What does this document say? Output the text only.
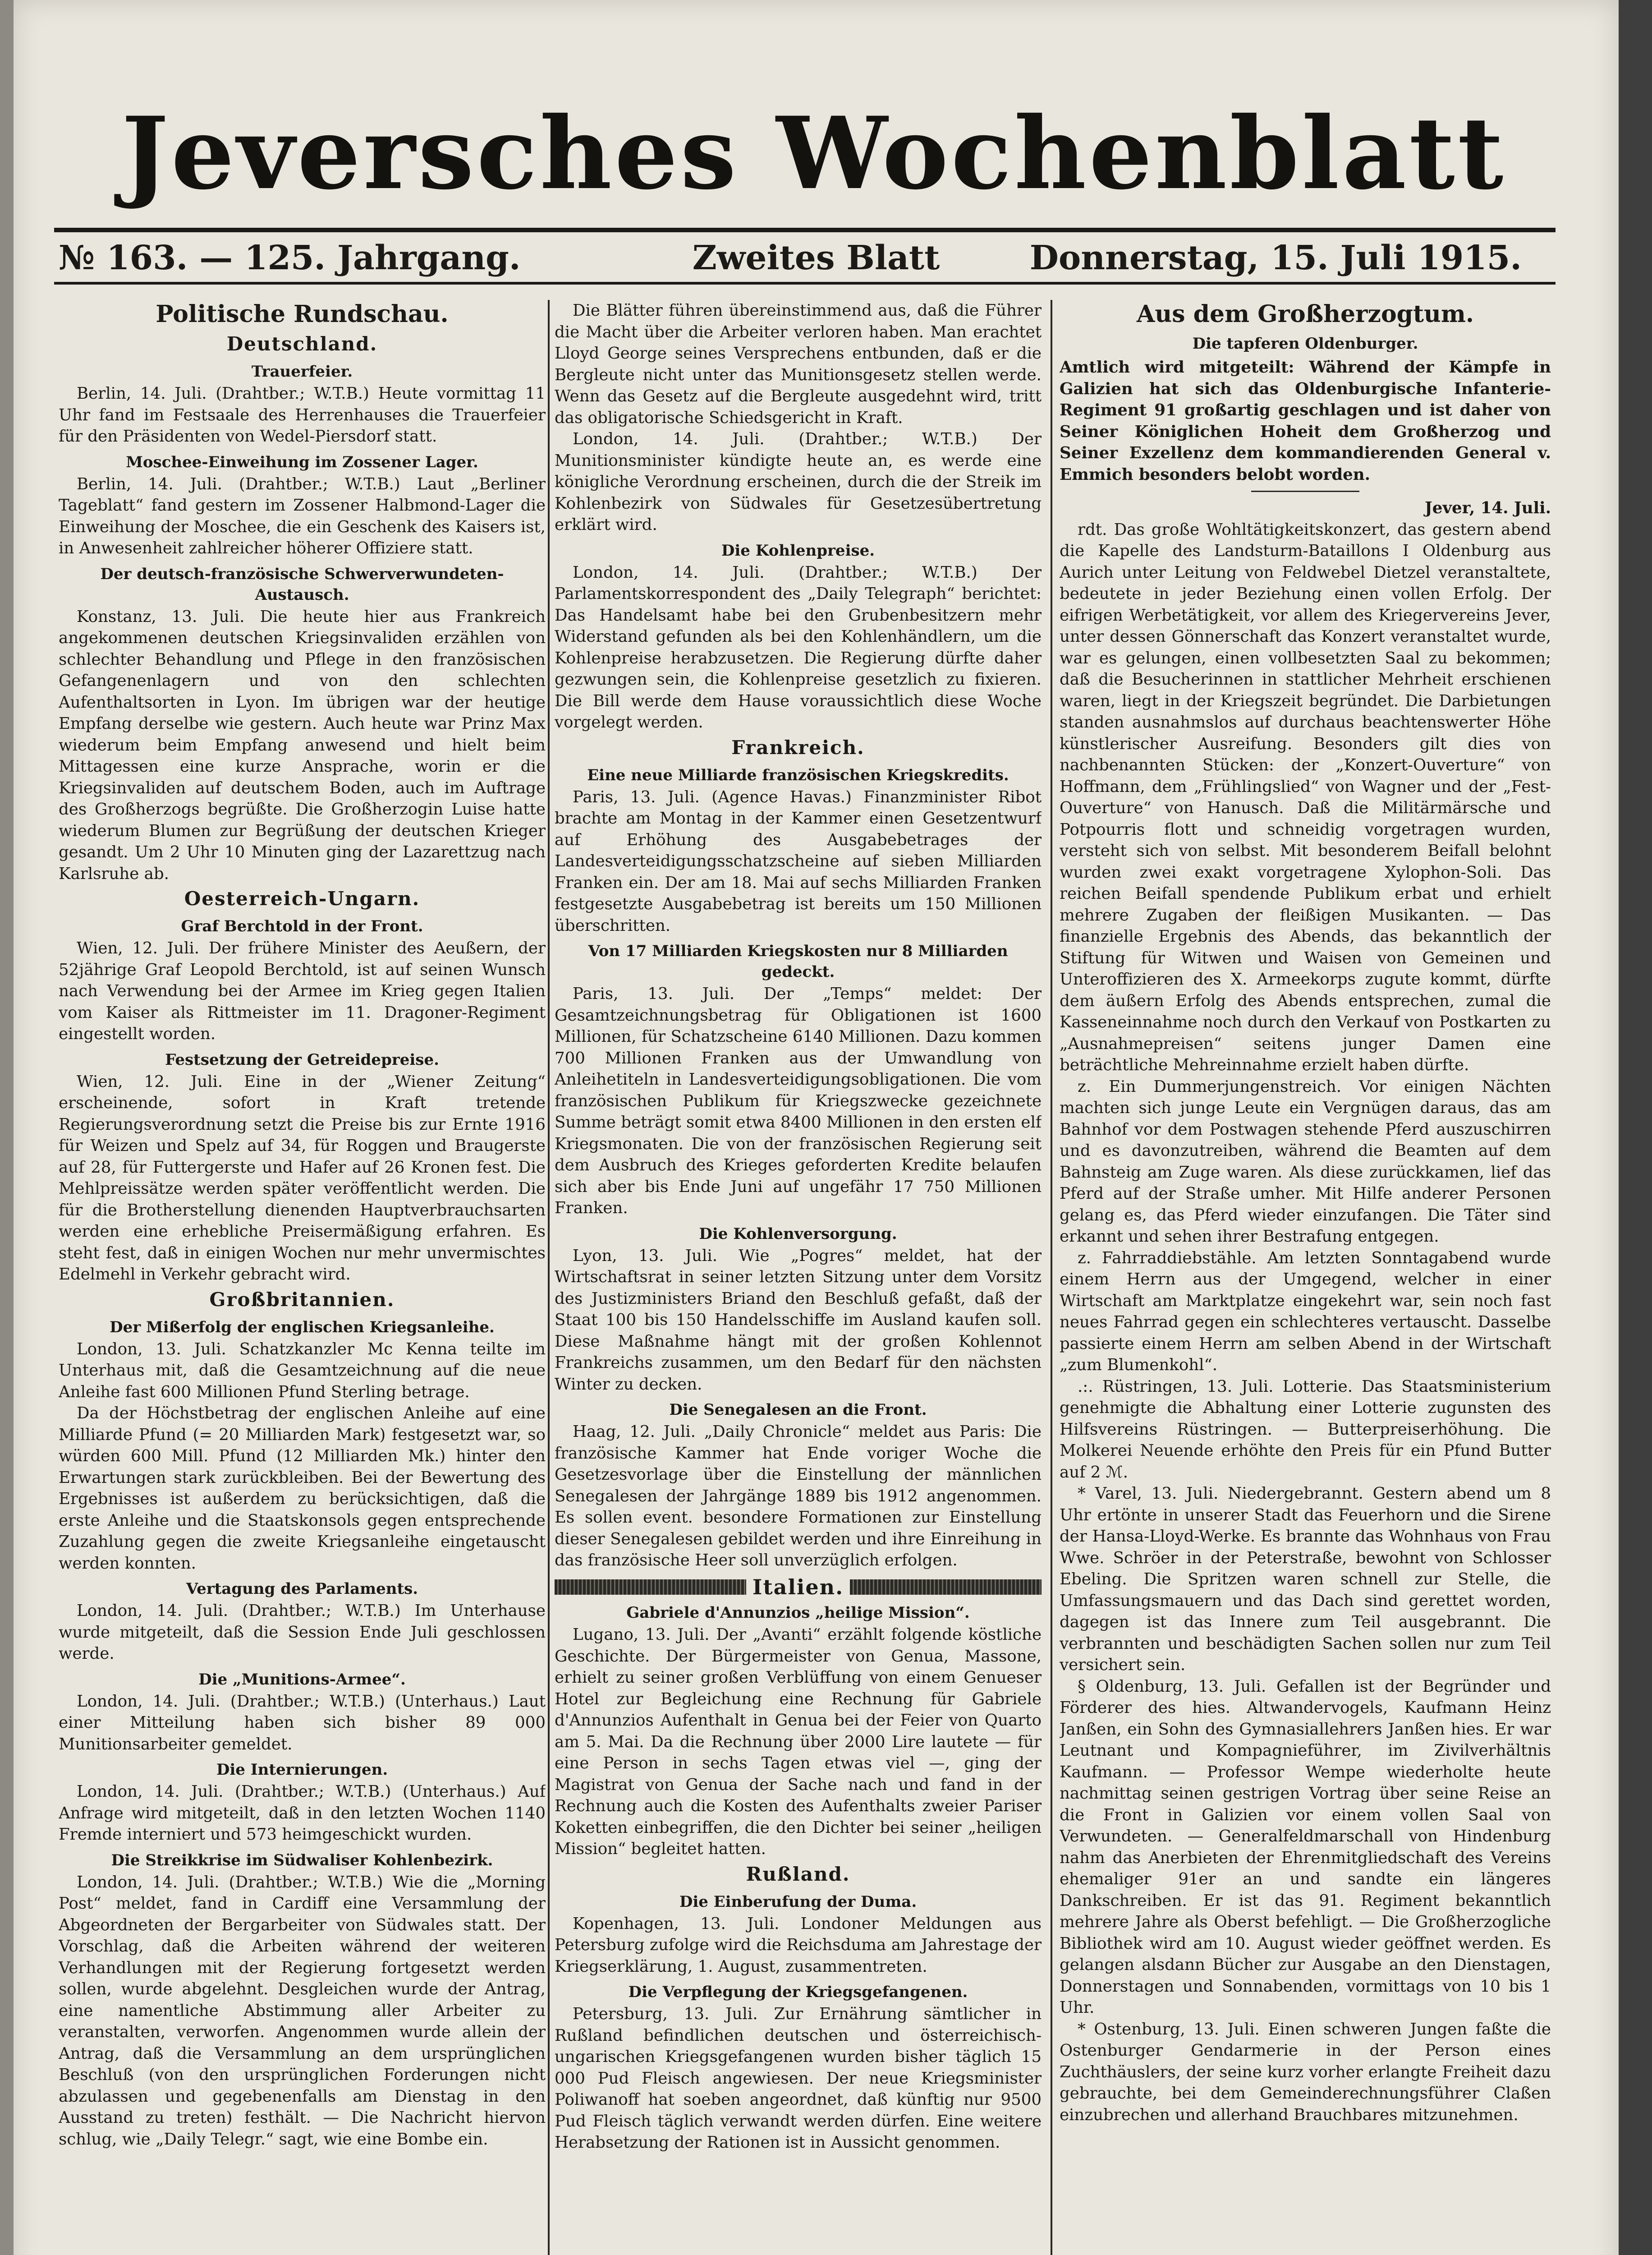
Jeversches Wochenblatt
№ 163. — 125. Jahrgang.	Zweites Blatt	Donnerstag, 15. Juli 1915.
Politische Rundschau.
Deutschland.
Trauerfeier.

Berlin, 14. Juli. (Drahtber.; W.T.B.) Heute vormittag 11 Uhr fand im Festsaale des Herrenhauses die Trauerfeier für den Präsidenten von Wedel-Piersdorf statt.

Moschee-Einweihung im Zossener Lager.

Berlin, 14. Juli. (Drahtber.; W.T.B.) Laut „Berliner Tageblatt“ fand gestern im Zossener Halbmond-Lager die Einweihung der Moschee, die ein Geschenk des Kaisers ist, in Anwesenheit zahlreicher höherer Offiziere statt.

Der deutsch-französische Schwerverwundeten-Austausch.

Konstanz, 13. Juli. Die heute hier aus Frankreich angekommenen deutschen Kriegsinvaliden erzählen von schlechter Behandlung und Pflege in den französischen Gefangenenlagern und von den schlechten Aufenthaltsorten in Lyon. Im übrigen war der heutige Empfang derselbe wie gestern. Auch heute war Prinz Max wiederum beim Empfang anwesend und hielt beim Mittagessen eine kurze Ansprache, worin er die Kriegsinvaliden auf deutschem Boden, auch im Auftrage des Großherzogs begrüßte. Die Großherzogin Luise hatte wiederum Blumen zur Begrüßung der deutschen Krieger gesandt. Um 2 Uhr 10 Minuten ging der Lazarettzug nach Karlsruhe ab.

Oesterreich-Ungarn.
Graf Berchtold in der Front.

Wien, 12. Juli. Der frühere Minister des Aeußern, der 52jährige Graf Leopold Berchtold, ist auf seinen Wunsch nach Verwendung bei der Armee im Krieg gegen Italien vom Kaiser als Rittmeister im 11. Dragoner-Regiment eingestellt worden.

Festsetzung der Getreidepreise.

Wien, 12. Juli. Eine in der „Wiener Zeitung“ erscheinende, sofort in Kraft tretende Regierungsverordnung setzt die Preise bis zur Ernte 1916 für Weizen und Spelz auf 34, für Roggen und Braugerste auf 28, für Futtergerste und Hafer auf 26 Kronen fest. Die Mehlpreissätze werden später veröffentlicht werden. Die für die Brotherstellung dienenden Hauptverbrauchsarten werden eine erhebliche Preisermäßigung erfahren. Es steht fest, daß in einigen Wochen nur mehr unvermischtes Edelmehl in Verkehr gebracht wird.

Großbritannien.
Der Mißerfolg der englischen Kriegsanleihe.

London, 13. Juli. Schatzkanzler Mc Kenna teilte im Unterhaus mit, daß die Gesamtzeichnung auf die neue Anleihe fast 600 Millionen Pfund Sterling betrage.

Da der Höchstbetrag der englischen Anleihe auf eine Milliarde Pfund (= 20 Milliarden Mark) festgesetzt war, so würden 600 Mill. Pfund (12 Milliarden Mk.) hinter den Erwartungen stark zurückbleiben. Bei der Bewertung des Ergebnisses ist außerdem zu berücksichtigen, daß die erste Anleihe und die Staatskonsols gegen entsprechende Zuzahlung gegen die zweite Kriegsanleihe eingetauscht werden konnten.

Vertagung des Parlaments.

London, 14. Juli. (Drahtber.; W.T.B.) Im Unterhause wurde mitgeteilt, daß die Session Ende Juli geschlossen werde.

Die „Munitions-Armee“.

London, 14. Juli. (Drahtber.; W.T.B.) (Unterhaus.) Laut einer Mitteilung haben sich bisher 89 000 Munitionsarbeiter gemeldet.

Die Internierungen.

London, 14. Juli. (Drahtber.; W.T.B.) (Unterhaus.) Auf Anfrage wird mitgeteilt, daß in den letzten Wochen 1140 Fremde interniert und 573 heimgeschickt wurden.

Die Streikkrise im Südwaliser Kohlenbezirk.

London, 14. Juli. (Drahtber.; W.T.B.) Wie die „Morning Post“ meldet, fand in Cardiff eine Versammlung der Abgeordneten der Bergarbeiter von Südwales statt. Der Vorschlag, daß die Arbeiten während der weiteren Verhandlungen mit der Regierung fortgesetzt werden sollen, wurde abgelehnt. Desgleichen wurde der Antrag, eine namentliche Abstimmung aller Arbeiter zu veranstalten, verworfen. Angenommen wurde allein der Antrag, daß die Versammlung an dem ursprünglichen Beschluß (von den ursprünglichen Forderungen nicht abzulassen und gegebenenfalls am Dienstag in den Ausstand zu treten) festhält. — Die Nachricht hiervon schlug, wie „Daily Telegr.“ sagt, wie eine Bombe ein.

Die Blätter führen übereinstimmend aus, daß die Führer die Macht über die Arbeiter verloren haben. Man erachtet Lloyd George seines Versprechens entbunden, daß er die Bergleute nicht unter das Munitionsgesetz stellen werde. Wenn das Gesetz auf die Bergleute ausgedehnt wird, tritt das obligatorische Schiedsgericht in Kraft.

London, 14. Juli. (Drahtber.; W.T.B.) Der Munitionsminister kündigte heute an, es werde eine königliche Verordnung erscheinen, durch die der Streik im Kohlenbezirk von Südwales für Gesetzesübertretung erklärt wird.

Die Kohlenpreise.

London, 14. Juli. (Drahtber.; W.T.B.) Der Parlamentskorrespondent des „Daily Telegraph“ berichtet: Das Handelsamt habe bei den Grubenbesitzern mehr Widerstand gefunden als bei den Kohlenhändlern, um die Kohlenpreise herabzusetzen. Die Regierung dürfte daher gezwungen sein, die Kohlenpreise gesetzlich zu fixieren. Die Bill werde dem Hause voraussichtlich diese Woche vorgelegt werden.

Frankreich.
Eine neue Milliarde französischen Kriegskredits.

Paris, 13. Juli. (Agence Havas.) Finanzminister Ribot brachte am Montag in der Kammer einen Gesetzentwurf auf Erhöhung des Ausgabebetrages der Landesverteidigungsschatzscheine auf sieben Milliarden Franken ein. Der am 18. Mai auf sechs Milliarden Franken festgesetzte Ausgabebetrag ist bereits um 150 Millionen überschritten.

Von 17 Milliarden Kriegskosten nur 8 Milliarden gedeckt.

Paris, 13. Juli. Der „Temps“ meldet: Der Gesamtzeichnungsbetrag für Obligationen ist 1600 Millionen, für Schatzscheine 6140 Millionen. Dazu kommen 700 Millionen Franken aus der Umwandlung von Anleihetiteln in Landesverteidigungsobligationen. Die vom französischen Publikum für Kriegszwecke gezeichnete Summe beträgt somit etwa 8400 Millionen in den ersten elf Kriegsmonaten. Die von der französischen Regierung seit dem Ausbruch des Krieges geforderten Kredite belaufen sich aber bis Ende Juni auf ungefähr 17 750 Millionen Franken.

Die Kohlenversorgung.

Lyon, 13. Juli. Wie „Pogres“ meldet, hat der Wirtschaftsrat in seiner letzten Sitzung unter dem Vorsitz des Justizministers Briand den Beschluß gefaßt, daß der Staat 100 bis 150 Handelsschiffe im Ausland kaufen soll. Diese Maßnahme hängt mit der großen Kohlennot Frankreichs zusammen, um den Bedarf für den nächsten Winter zu decken.

Die Senegalesen an die Front.

Haag, 12. Juli. „Daily Chronicle“ meldet aus Paris: Die französische Kammer hat Ende voriger Woche die Gesetzesvorlage über die Einstellung der männlichen Senegalesen der Jahrgänge 1889 bis 1912 angenommen. Es sollen event. besondere Formationen zur Einstellung dieser Senegalesen gebildet werden und ihre Einreihung in das französische Heer soll unverzüglich erfolgen.

Italien.
Gabriele d'Annunzios „heilige Mission“.

Lugano, 13. Juli. Der „Avanti“ erzählt folgende köstliche Geschichte. Der Bürgermeister von Genua, Massone, erhielt zu seiner großen Verblüffung von einem Genueser Hotel zur Begleichung eine Rechnung für Gabriele d'Annunzios Aufenthalt in Genua bei der Feier von Quarto am 5. Mai. Da die Rechnung über 2000 Lire lautete — für eine Person in sechs Tagen etwas viel —, ging der Magistrat von Genua der Sache nach und fand in der Rechnung auch die Kosten des Aufenthalts zweier Pariser Koketten einbegriffen, die den Dichter bei seiner „heiligen Mission“ begleitet hatten.

Rußland.
Die Einberufung der Duma.

Kopenhagen, 13. Juli. Londoner Meldungen aus Petersburg zufolge wird die Reichsduma am Jahrestage der Kriegserklärung, 1. August, zusammentreten.

Die Verpflegung der Kriegsgefangenen.

Petersburg, 13. Juli. Zur Ernährung sämtlicher in Rußland befindlichen deutschen und österreichisch-ungarischen Kriegsgefangenen wurden bisher täglich 15 000 Pud Fleisch angewiesen. Der neue Kriegsminister Poliwanoff hat soeben angeordnet, daß künftig nur 9500 Pud Fleisch täglich verwandt werden dürfen. Eine weitere Herabsetzung der Rationen ist in Aussicht genommen.

Aus dem Großherzogtum.
Die tapferen Oldenburger.
Amtlich wird mitgeteilt: Während der Kämpfe in Galizien hat sich das Oldenburgische Infanterie-Regiment 91 großartig geschlagen und ist daher von Seiner Königlichen Hoheit dem Großherzog und Seiner Exzellenz dem kommandierenden General v. Emmich besonders belobt worden.

Jever, 14. Juli.

rdt. Das große Wohltätigkeitskonzert, das gestern abend die Kapelle des Landsturm-Bataillons I Oldenburg aus Aurich unter Leitung von Feldwebel Dietzel veranstaltete, bedeutete in jeder Beziehung einen vollen Erfolg. Der eifrigen Werbetätigkeit, vor allem des Kriegervereins Jever, unter dessen Gönnerschaft das Konzert veranstaltet wurde, war es gelungen, einen vollbesetzten Saal zu bekommen; daß die Besucherinnen in stattlicher Mehrheit erschienen waren, liegt in der Kriegszeit begründet. Die Darbietungen standen ausnahmslos auf durchaus beachtenswerter Höhe künstlerischer Ausreifung. Besonders gilt dies von nachbenannten Stücken: der „Konzert-Ouverture“ von Hoffmann, dem „Frühlingslied“ von Wagner und der „Fest-Ouverture“ von Hanusch. Daß die Militärmärsche und Potpourris flott und schneidig vorgetragen wurden, versteht sich von selbst. Mit besonderem Beifall belohnt wurden zwei exakt vorgetragene Xylophon-Soli. Das reichen Beifall spendende Publikum erbat und erhielt mehrere Zugaben der fleißigen Musikanten. — Das finanzielle Ergebnis des Abends, das bekanntlich der Stiftung für Witwen und Waisen von Gemeinen und Unteroffizieren des X. Armeekorps zugute kommt, dürfte dem äußern Erfolg des Abends entsprechen, zumal die Kasseneinnahme noch durch den Verkauf von Postkarten zu „Ausnahmepreisen“ seitens junger Damen eine beträchtliche Mehreinnahme erzielt haben dürfte.

z. Ein Dummerjungenstreich. Vor einigen Nächten machten sich junge Leute ein Vergnügen daraus, das am Bahnhof vor dem Postwagen stehende Pferd auszuschirren und es davonzutreiben, während die Beamten auf dem Bahnsteig am Zuge waren. Als diese zurückkamen, lief das Pferd auf der Straße umher. Mit Hilfe anderer Personen gelang es, das Pferd wieder einzufangen. Die Täter sind erkannt und sehen ihrer Bestrafung entgegen.

z. Fahrraddiebstähle. Am letzten Sonntagabend wurde einem Herrn aus der Umgegend, welcher in einer Wirtschaft am Marktplatze eingekehrt war, sein noch fast neues Fahrrad gegen ein schlechteres vertauscht. Dasselbe passierte einem Herrn am selben Abend in der Wirtschaft „zum Blumenkohl“.

.:. Rüstringen, 13. Juli. Lotterie. Das Staatsministerium genehmigte die Abhaltung einer Lotterie zugunsten des Hilfsvereins Rüstringen. — Butterpreiserhöhung. Die Molkerei Neuende erhöhte den Preis für ein Pfund Butter auf 2 ℳ.

* Varel, 13. Juli. Niedergebrannt. Gestern abend um 8 Uhr ertönte in unserer Stadt das Feuerhorn und die Sirene der Hansa-Lloyd-Werke. Es brannte das Wohnhaus von Frau Wwe. Schröer in der Peterstraße, bewohnt von Schlosser Ebeling. Die Spritzen waren schnell zur Stelle, die Umfassungsmauern und das Dach sind gerettet worden, dagegen ist das Innere zum Teil ausgebrannt. Die verbrannten und beschädigten Sachen sollen nur zum Teil versichert sein.

§ Oldenburg, 13. Juli. Gefallen ist der Begründer und Förderer des hies. Altwandervogels, Kaufmann Heinz Janßen, ein Sohn des Gymnasiallehrers Janßen hies. Er war Leutnant und Kompagnieführer, im Zivilverhältnis Kaufmann. — Professor Wempe wiederholte heute nachmittag seinen gestrigen Vortrag über seine Reise an die Front in Galizien vor einem vollen Saal von Verwundeten. — Generalfeldmarschall von Hindenburg nahm das Anerbieten der Ehrenmitgliedschaft des Vereins ehemaliger 91er an und sandte ein längeres Dankschreiben. Er ist das 91. Regiment bekanntlich mehrere Jahre als Oberst befehligt. — Die Großherzogliche Bibliothek wird am 10. August wieder geöffnet werden. Es gelangen alsdann Bücher zur Ausgabe an den Dienstagen, Donnerstagen und Sonnabenden, vormittags von 10 bis 1 Uhr.

* Ostenburg, 13. Juli. Einen schweren Jungen faßte die Ostenburger Gendarmerie in der Person eines Zuchthäuslers, der seine kurz vorher erlangte Freiheit dazu gebrauchte, bei dem Gemeinderechnungsführer Claßen einzubrechen und allerhand Brauchbares mitzunehmen.
